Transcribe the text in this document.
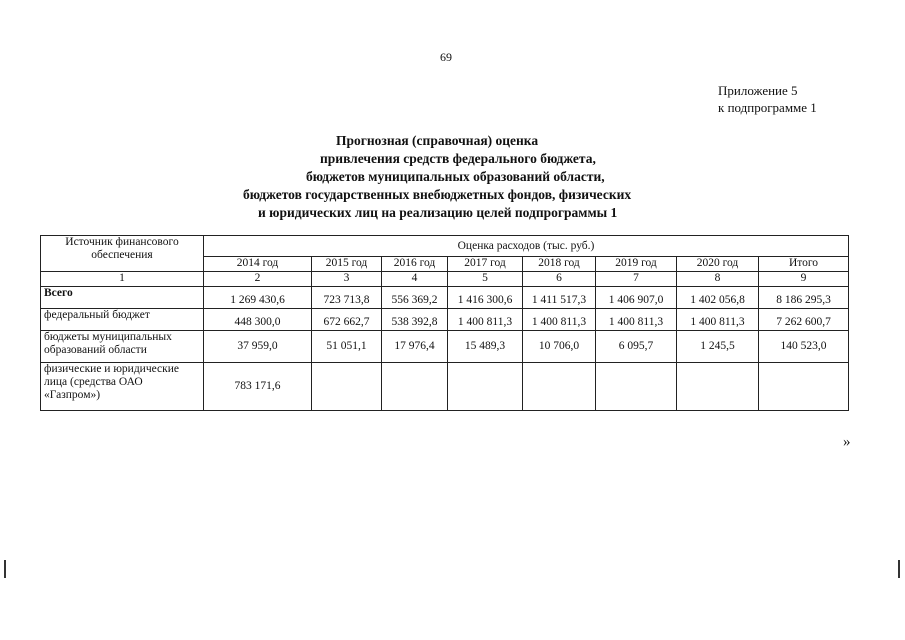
69
Приложение 5
к подпрограмме 1
Прогнозная (справочная) оценка
привлечения средств федерального бюджета,
бюджетов муниципальных образований области,
бюджетов государственных внебюджетных фондов, физических
и юридических лиц на реализацию целей подпрограммы 1
Источник финансового обеспечения	Оценка расходов (тыс. руб.)							
	2014 год	2015 год	2016 год	2017 год	2018 год	2019 год	2020 год	Итого
1	2	3	4	5	6	7	8	9
Всего	1 269 430,6	723 713,8	556 369,2	1 416 300,6	1 411 517,3	1 406 907,0	1 402 056,8	8 186 295,3
федеральный бюджет	448 300,0	672 662,7	538 392,8	1 400 811,3	1 400 811,3	1 400 811,3	1 400 811,3	7 262 600,7
бюджеты муниципальных образований области	37 959,0	51 051,1	17 976,4	15 489,3	10 706,0	6 095,7	1 245,5	140 523,0
физические и юридические лица (средства ОАО «Газпром»)	783 171,6							
»
